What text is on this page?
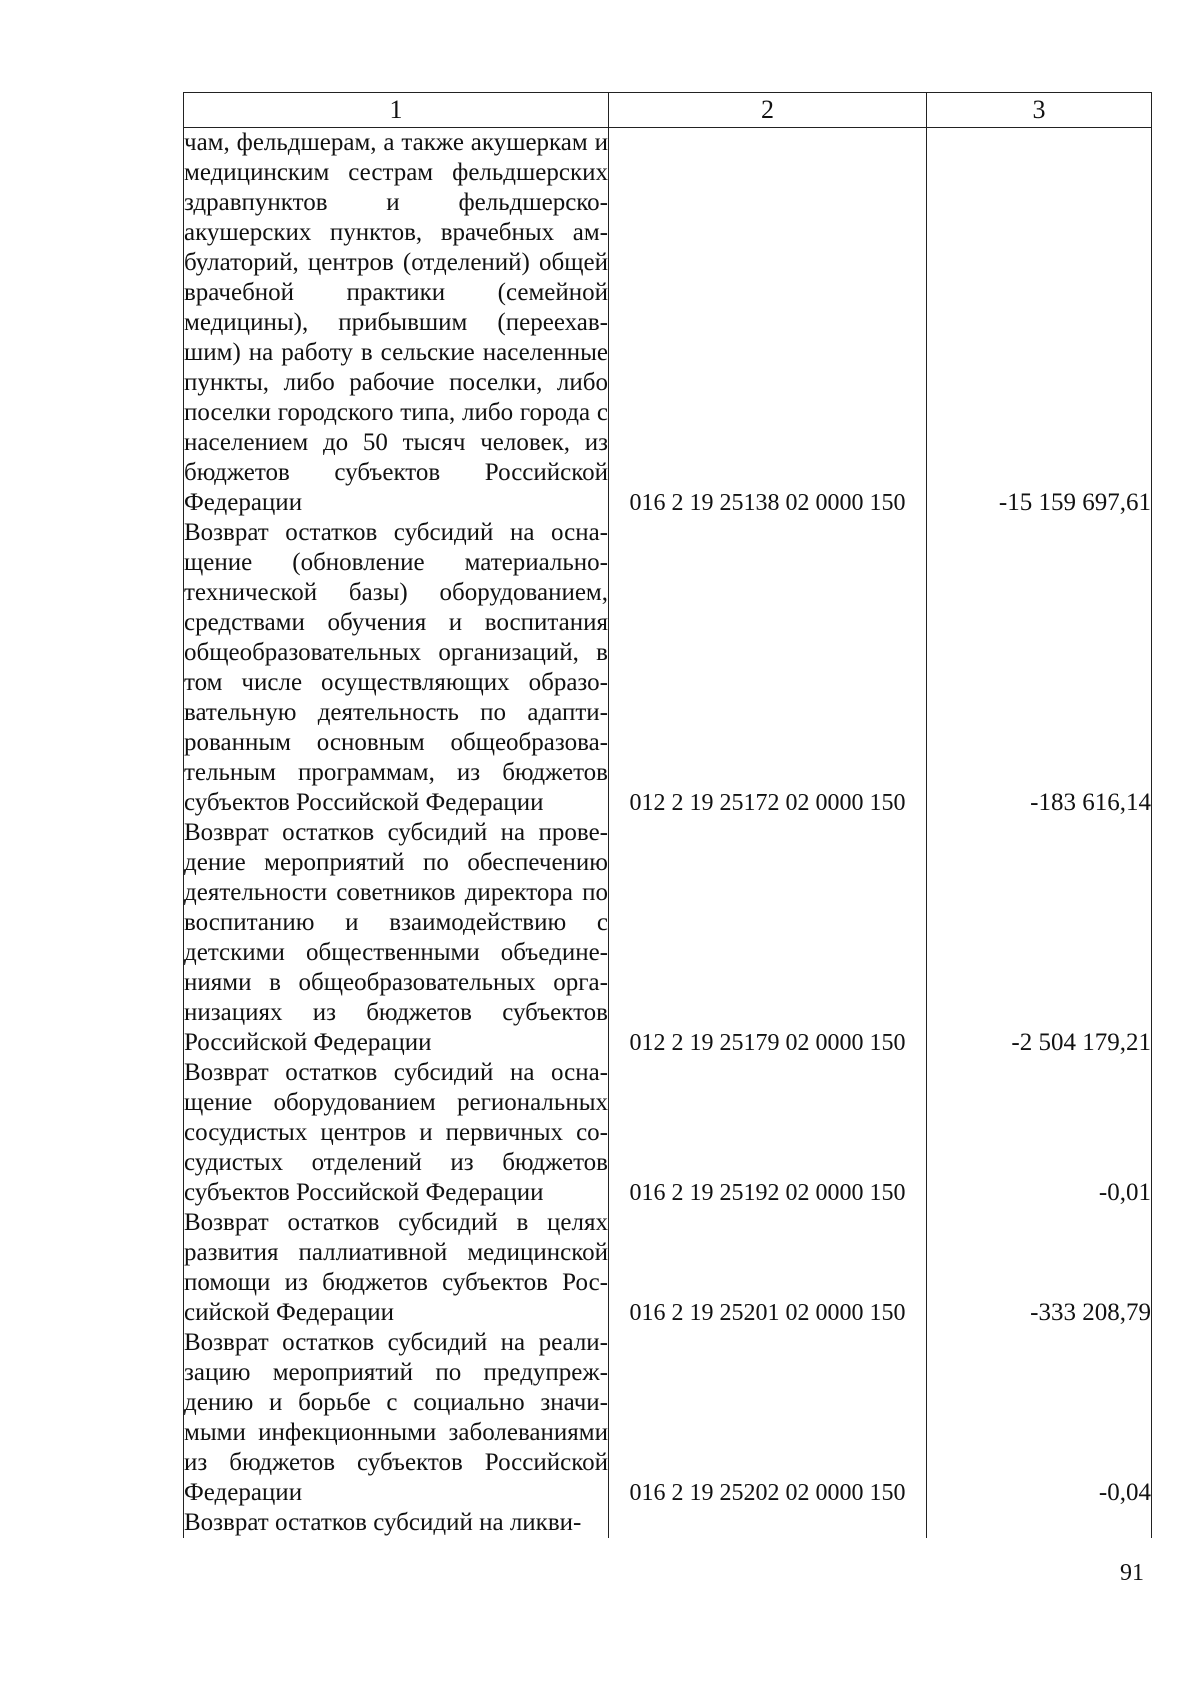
1	2	3
чам, фельдшерам, а также акушеркам и медицинским сестрам фельдшерских здравпунктов и фельдшерско-акушерских пунктов, врачебных амбулаторий, центров (отделений) общей врачебной практики (семейной медицины), прибывшим (переехавшим) на работу в сельские населенные пункты, либо рабочие поселки, либо поселки городского типа, либо города с населением до 50 тысяч человек, из бюджетов субъектов Российской Федерации	016 2 19 25138 02 0000 150	-15 159 697,61
Возврат остатков субсидий на оснащение (обновление материально-технической базы) оборудованием, средствами обучения и воспитания общеобразовательных организаций, в том числе осуществляющих образовательную деятельность по адаптированным основным общеобразовательным программам, из бюджетов субъектов Российской Федерации	012 2 19 25172 02 0000 150	-183 616,14
Возврат остатков субсидий на проведение мероприятий по обеспечению деятельности советников директора по воспитанию и взаимодействию с детскими общественными объединениями в общеобразовательных организациях из бюджетов субъектов Российской Федерации	012 2 19 25179 02 0000 150	-2 504 179,21
Возврат остатков субсидий на оснащение оборудованием региональных сосудистых центров и первичных сосудистых отделений из бюджетов субъектов Российской Федерации	016 2 19 25192 02 0000 150	-0,01
Возврат остатков субсидий в целях развития паллиативной медицинской помощи из бюджетов субъектов Российской Федерации	016 2 19 25201 02 0000 150	-333 208,79
Возврат остатков субсидий на реализацию мероприятий по предупреждению и борьбе с социально значимыми инфекционными заболеваниями из бюджетов субъектов Российской Федерации	016 2 19 25202 02 0000 150	-0,04
Возврат остатков субсидий на ликви-		
91
